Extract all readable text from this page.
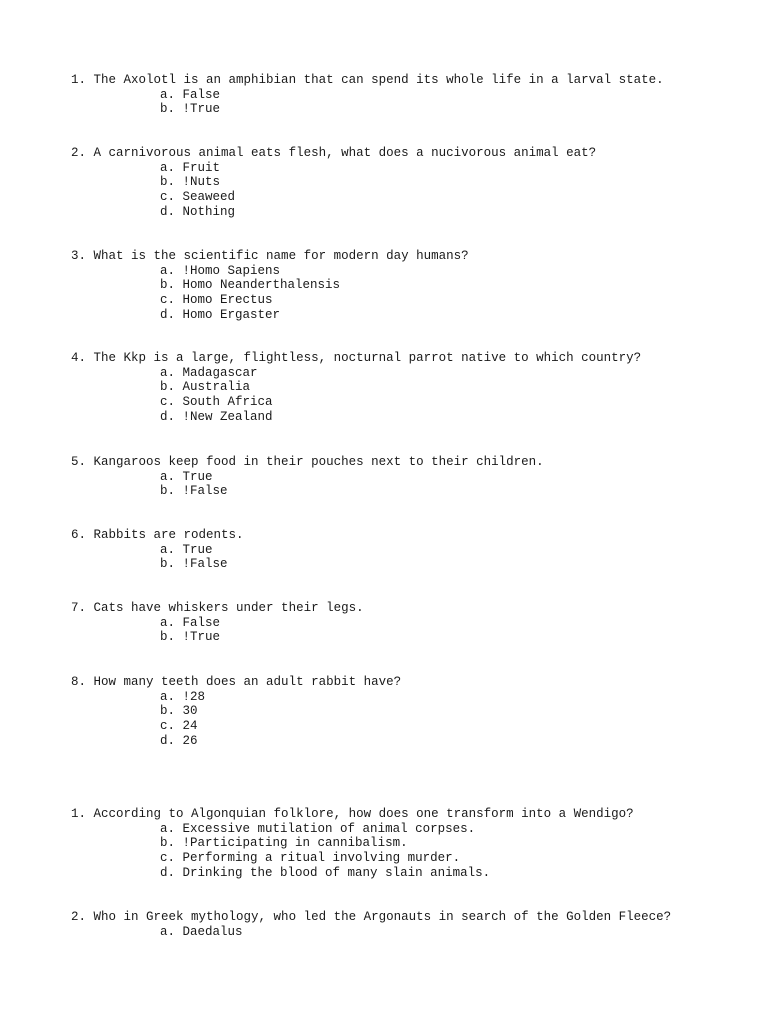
1. The Axolotl is an amphibian that can spend its whole life in a larval state.
a. False
b. !True
2. A carnivorous animal eats flesh, what does a nucivorous animal eat?
a. Fruit
b. !Nuts
c. Seaweed
d. Nothing
3. What is the scientific name for modern day humans?
a. !Homo Sapiens
b. Homo Neanderthalensis
c. Homo Erectus
d. Homo Ergaster
4. The Kkp is a large, flightless, nocturnal parrot native to which country?
a. Madagascar
b. Australia
c. South Africa
d. !New Zealand
5. Kangaroos keep food in their pouches next to their children.
a. True
b. !False
6. Rabbits are rodents.
a. True
b. !False
7. Cats have whiskers under their legs.
a. False
b. !True
8. How many teeth does an adult rabbit have?
a. !28
b. 30
c. 24
d. 26
1. According to Algonquian folklore, how does one transform into a Wendigo?
a. Excessive mutilation of animal corpses.
b. !Participating in cannibalism.
c. Performing a ritual involving murder.
d. Drinking the blood of many slain animals.
2. Who in Greek mythology, who led the Argonauts in search of the Golden Fleece?
a. Daedalus
